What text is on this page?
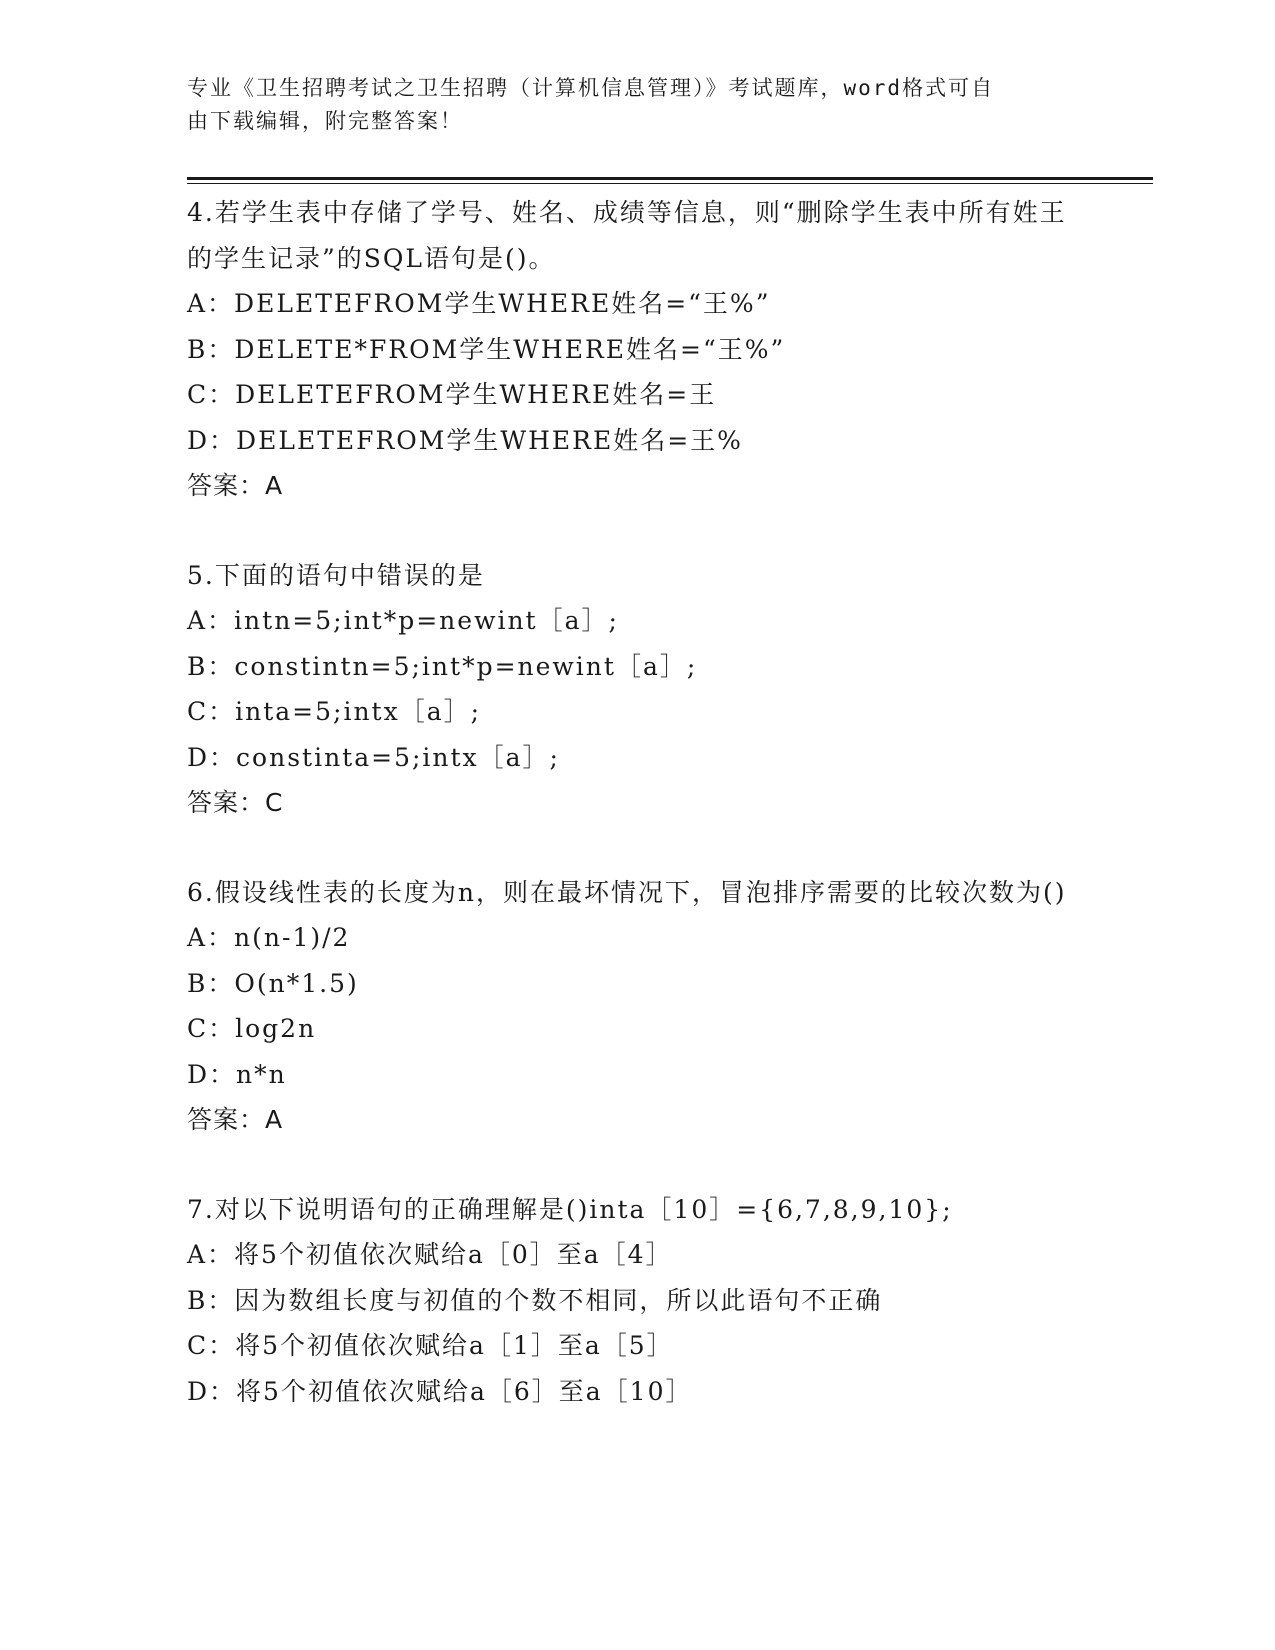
专业《卫生招聘考试之卫生招聘（计算机信息管理）》考试题库，word格式可自
由下载编辑，附完整答案！
4.若学生表中存储了学号、姓名、成绩等信息，则“删除学生表中所有姓王的学生记录”的SQL语句是()。
A：DELETEFROM学生WHERE姓名=“王%”
B：DELETE*FROM学生WHERE姓名=“王%”
C：DELETEFROM学生WHERE姓名=王
D：DELETEFROM学生WHERE姓名=王%
答案：A
5.下面的语句中错误的是
A：intn=5;int*p=newint［a］;
B：constintn=5;int*p=newint［a］;
C：inta=5;intx［a］;
D：constinta=5;intx［a］;
答案：C
6.假设线性表的长度为n，则在最坏情况下，冒泡排序需要的比较次数为()
A：n(n-1)/2
B：O(n*1.5)
C：log2n
D：n*n
答案：A
7.对以下说明语句的正确理解是()inta［10］={6,7,8,9,10};
A：将5个初值依次赋给a［0］至a［4］
B：因为数组长度与初值的个数不相同，所以此语句不正确
C：将5个初值依次赋给a［1］至a［5］
D：将5个初值依次赋给a［6］至a［10］
